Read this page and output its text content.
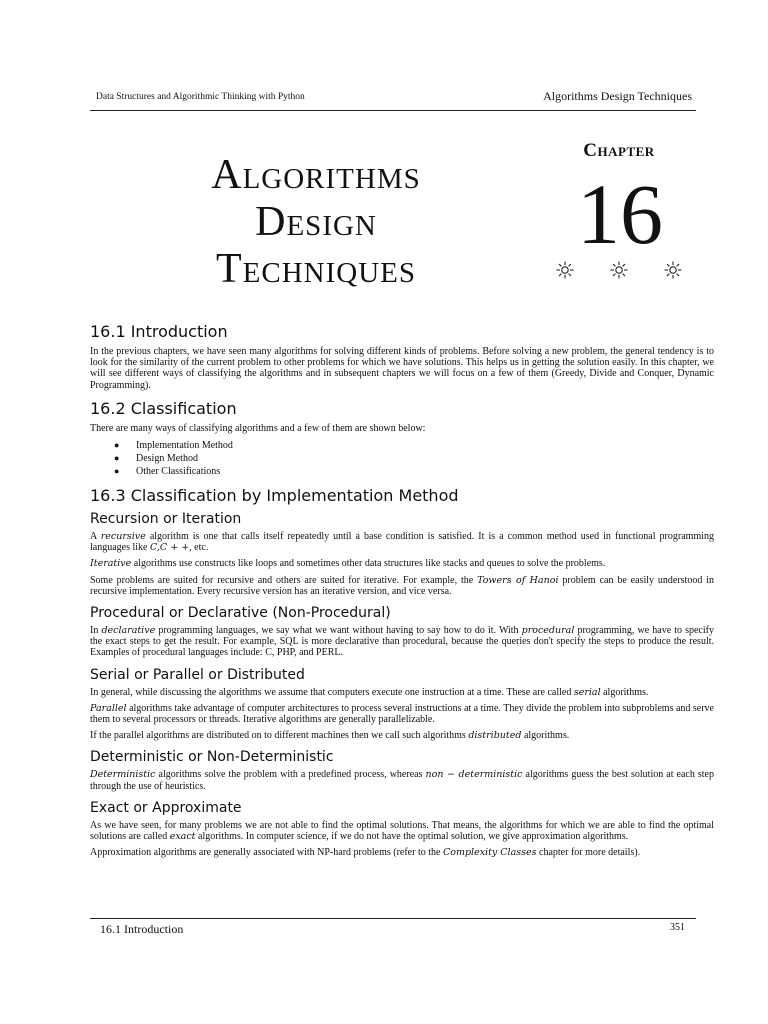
Data Structures and Algorithmic Thinking with Python	Algorithms Design Techniques
Algorithms
Design
Techniques
Chapter
16
16.1 Introduction

In the previous chapters, we have seen many algorithms for solving different kinds of problems. Before solving a new problem, the general tendency is to look for the similarity of the current problem to other problems for which we have solutions. This helps us in getting the solution easily. In this chapter, we will see different ways of classifying the algorithms and in subsequent chapters we will focus on a few of them (Greedy, Divide and Conquer, Dynamic Programming).

16.2 Classification

There are many ways of classifying algorithms and a few of them are shown below:

● Implementation Method
● Design Method
● Other Classifications
16.3 Classification by Implementation Method
Recursion or Iteration

A recursive algorithm is one that calls itself repeatedly until a base condition is satisfied. It is a common method used in functional programming languages like C,C + +, etc.

Iterative algorithms use constructs like loops and sometimes other data structures like stacks and queues to solve the problems.

Some problems are suited for recursive and others are suited for iterative. For example, the Towers of Hanoi problem can be easily understood in recursive implementation. Every recursive version has an iterative version, and vice versa.

Procedural or Declarative (Non-Procedural)

In declarative programming languages, we say what we want without having to say how to do it. With procedural programming, we have to specify the exact steps to get the result. For example, SQL is more declarative than procedural, because the queries don't specify the steps to produce the result. Examples of procedural languages include: C, PHP, and PERL.

Serial or Parallel or Distributed

In general, while discussing the algorithms we assume that computers execute one instruction at a time. These are called serial algorithms.

Parallel algorithms take advantage of computer architectures to process several instructions at a time. They divide the problem into subproblems and serve them to several processors or threads. Iterative algorithms are generally parallelizable.

If the parallel algorithms are distributed on to different machines then we call such algorithms distributed algorithms.

Deterministic or Non-Deterministic

Deterministic algorithms solve the problem with a predefined process, whereas non − deterministic algorithms guess the best solution at each step through the use of heuristics.

Exact or Approximate

As we have seen, for many problems we are not able to find the optimal solutions. That means, the algorithms for which we are able to find the optimal solutions are called exact algorithms. In computer science, if we do not have the optimal solution, we give approximation algorithms.

Approximation algorithms are generally associated with NP-hard problems (refer to the Complexity Classes chapter for more details).

16.1 Introduction	351
